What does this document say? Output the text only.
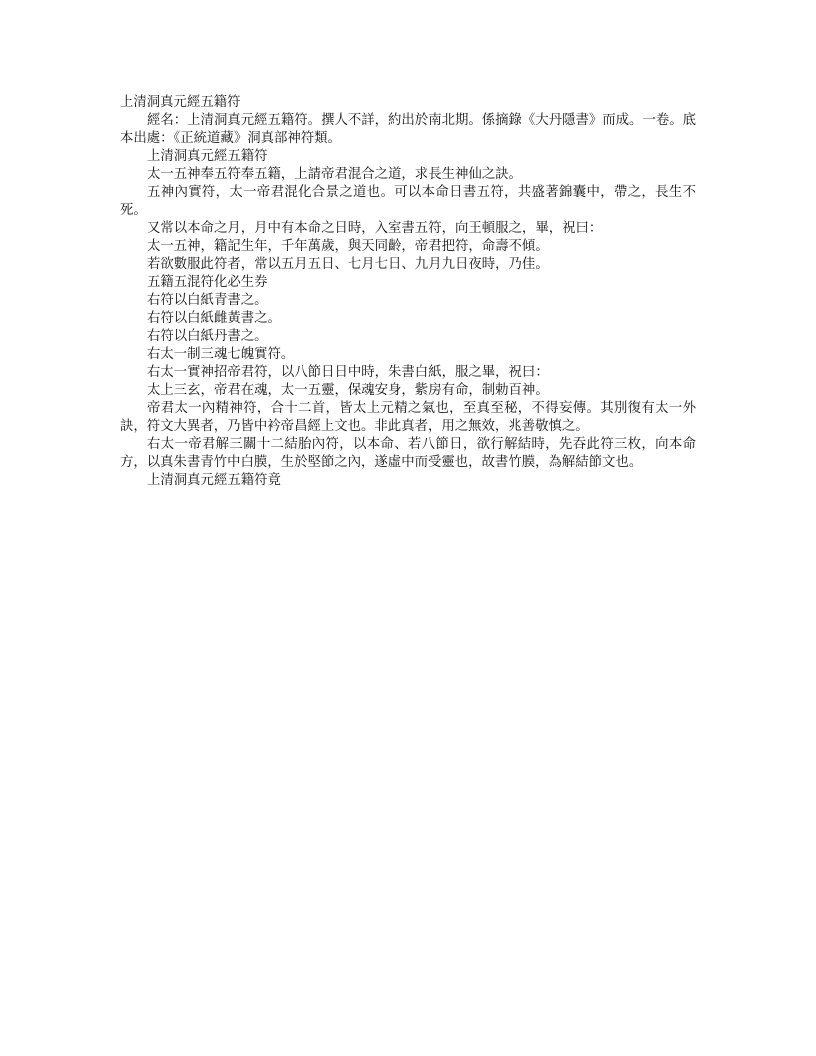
上清洞真元經五籍符

經名：上清洞真元經五籍符。撰人不詳，約出於南北期。係摘錄《大丹隱書》而成。一卷。底本出處：《正統道藏》洞真部神符類。

上清洞真元經五籍符

太一五神奉五符奉五籍，上請帝君混合之道，求長生神仙之訣。

五神內實符，太一帝君混化合景之道也。可以本命日書五符，共盛著錦囊中，帶之，長生不死。

又常以本命之月，月中有本命之日時，入室書五符，向王頓服之，畢，祝曰：

太一五神，籍記生年，千年萬歲，與天同齡，帝君把符，命壽不傾。

若欲數服此符者，常以五月五日、七月七日、九月九日夜時，乃佳。

五籍五混符化必生券

右符以白紙青書之。

右符以白紙雌黃書之。

右符以白紙丹書之。

右太一制三魂七魄實符。

右太一實神招帝君符，以八節日日中時，朱書白紙，服之畢，祝曰：

太上三玄，帝君在魂，太一五靈，保魂安身，紫房有命，制勅百神。

帝君太一內精神符，合十二首，皆太上元精之氣也，至真至秘，不得妄傳。其別復有太一外訣，符文大異者，乃皆中衿帝昌經上文也。非此真者，用之無效，兆善敬慎之。

右太一帝君解三關十二結胎內符，以本命、若八節日，欲行解結時，先吞此符三枚，向本命方，以真朱書青竹中白膜，生於堅節之內，遂虛中而受靈也，故書竹膜，為解結節文也。

上清洞真元經五籍符竟
